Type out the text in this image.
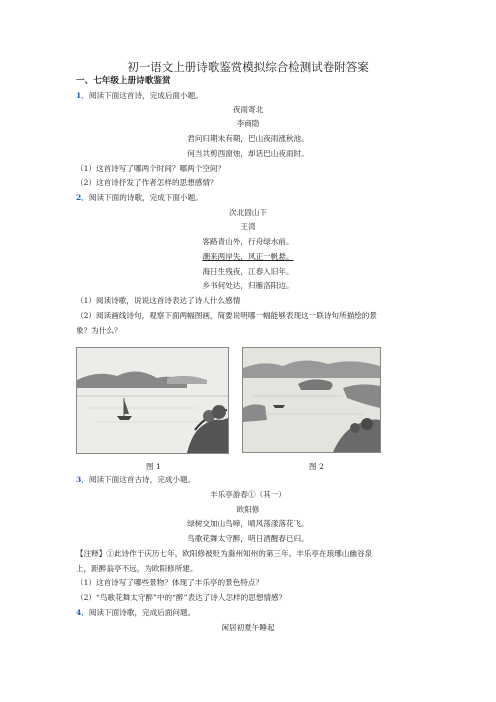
初一语文上册诗歌鉴赏模拟综合检测试卷附答案
一、七年级上册诗歌鉴赏
1．阅读下面这首诗，完成后面小题。
夜雨寄北
李商隐
君问归期未有期，巴山夜雨涨秋池。
何当共剪西窗烛，却话巴山夜雨时。
（1）这首诗写了哪两个时间？哪两个空间？
（2）这首诗抒发了作者怎样的思想感情？
2．阅读下面的诗歌，完成下面小题。
次北固山下
王湾
客路青山外，行舟绿水前。
潮来两岸失，风正一帆悬。
海日生残夜，江春入旧年。
乡书何处达，归雁洛阳边。
（1）阅读诗歌，说说这首诗表达了诗人什么感情
（2）阅读画线诗句，观察下面两幅图画，简要说明哪一幅能够表现这一联诗句所描绘的景
象？为什么？
图 1	图 2
3．阅读下面这首古诗，完成小题。
丰乐亭游春①（其一）
欧阳修
绿树交加山鸟啼，晴风荡漾落花飞。
鸟歌花舞太守醉，明日酒醒春已归。
【注释】①此诗作于庆历七年，欧阳修被贬为滁州知州的第三年。丰乐亭在琅琊山幽谷泉
上，距醉翁亭不远，为欧阳修所建。
（1）这首诗写了哪些景物？体现了丰乐亭的景色特点？
（2）“鸟歌花舞太守醉”中的“醉”表达了诗人怎样的思想情感？
4．阅读下面诗歌，完成后面问题。
闲居初夏午睡起
